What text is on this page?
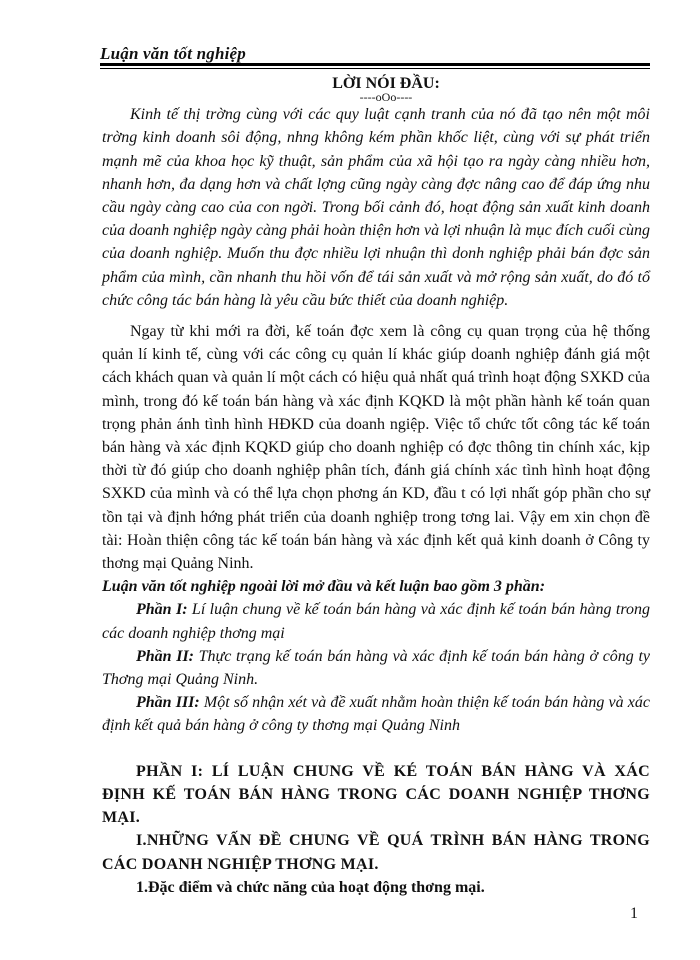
Luận văn tốt nghiệp

LỜI NÓI ĐẦU:

----oOo----

Kinh tế thị trờng cùng với các quy luật cạnh tranh của nó đã tạo nên một môi trờng kinh doanh sôi động, nhng không kém phần khốc liệt, cùng với sự phát triển mạnh mẽ của khoa học kỹ thuật, sản phẩm của xã hội tạo ra ngày càng nhiều hơn, nhanh hơn, đa dạng hơn và chất lợng cũng ngày càng đợc nâng cao để đáp ứng nhu cầu ngày càng cao của con ngời. Trong bối cảnh đó, hoạt động sản xuất kinh doanh của doanh nghiệp ngày càng phải hoàn thiện hơn và lợi nhuận là mục đích cuối cùng của doanh nghiệp. Muốn thu đợc nhiều lợi nhuận thì donh nghiệp phải bán đợc sản phẩm của mình, cần nhanh thu hồi vốn để tái sản xuất và mở rộng sản xuất, do đó tổ chức công tác bán hàng là yêu cầu bức thiết của doanh nghiệp.

Ngay từ khi mới ra đời, kế toán đợc xem là công cụ quan trọng của hệ thống quản lí kinh tế, cùng với các công cụ quản lí khác giúp doanh nghiệp đánh giá một cách khách quan và quản lí một cách có hiệu quả nhất quá trình hoạt động SXKD của mình, trong đó kế toán bán hàng và xác định KQKD là một phần hành kế toán quan trọng phản ánh tình hình HĐKD của doanh ngiệp. Việc tổ chức tốt công tác kế toán bán hàng và xác định KQKD giúp cho doanh nghiệp có đợc thông tin chính xác, kịp thời từ đó giúp cho doanh nghiệp phân tích, đánh giá chính xác tình hình hoạt động SXKD của mình và có thể lựa chọn phơng án KD, đầu t có lợi nhất góp phần cho sự tồn tại và định hớng phát triển của doanh nghiệp trong tơng lai. Vậy em xin chọn đề tài: Hoàn thiện công tác kế toán bán hàng và xác định kết quả kinh doanh ở Công ty thơng mại Quảng Ninh.

Luận văn tốt nghiệp ngoài lời mở đầu và kết luận bao gồm 3 phần:

Phần I: Lí luận chung về kế toán bán hàng và xác định kế toán bán hàng trong các doanh nghiệp thơng mại

Phần II: Thực trạng kế toán bán hàng và xác định kế toán bán hàng ở công ty Thơng mại Quảng Ninh.

Phần III: Một số nhận xét và đề xuất nhằm hoàn thiện kế toán bán hàng và xác định kết quả bán hàng ở công ty thơng mại Quảng Ninh

PHẦN I: LÍ LUẬN CHUNG VỀ KÉ TOÁN BÁN HÀNG VÀ XÁC ĐỊNH KẾ TOÁN BÁN HÀNG TRONG CÁC DOANH NGHIỆP THƠNG MẠI.

I.NHỮNG VẤN ĐỀ CHUNG VỀ QUÁ TRÌNH BÁN HÀNG TRONG CÁC DOANH NGHIỆP THƠNG MẠI.

1.Đặc điểm và chức năng của hoạt động thơng mại.

1
